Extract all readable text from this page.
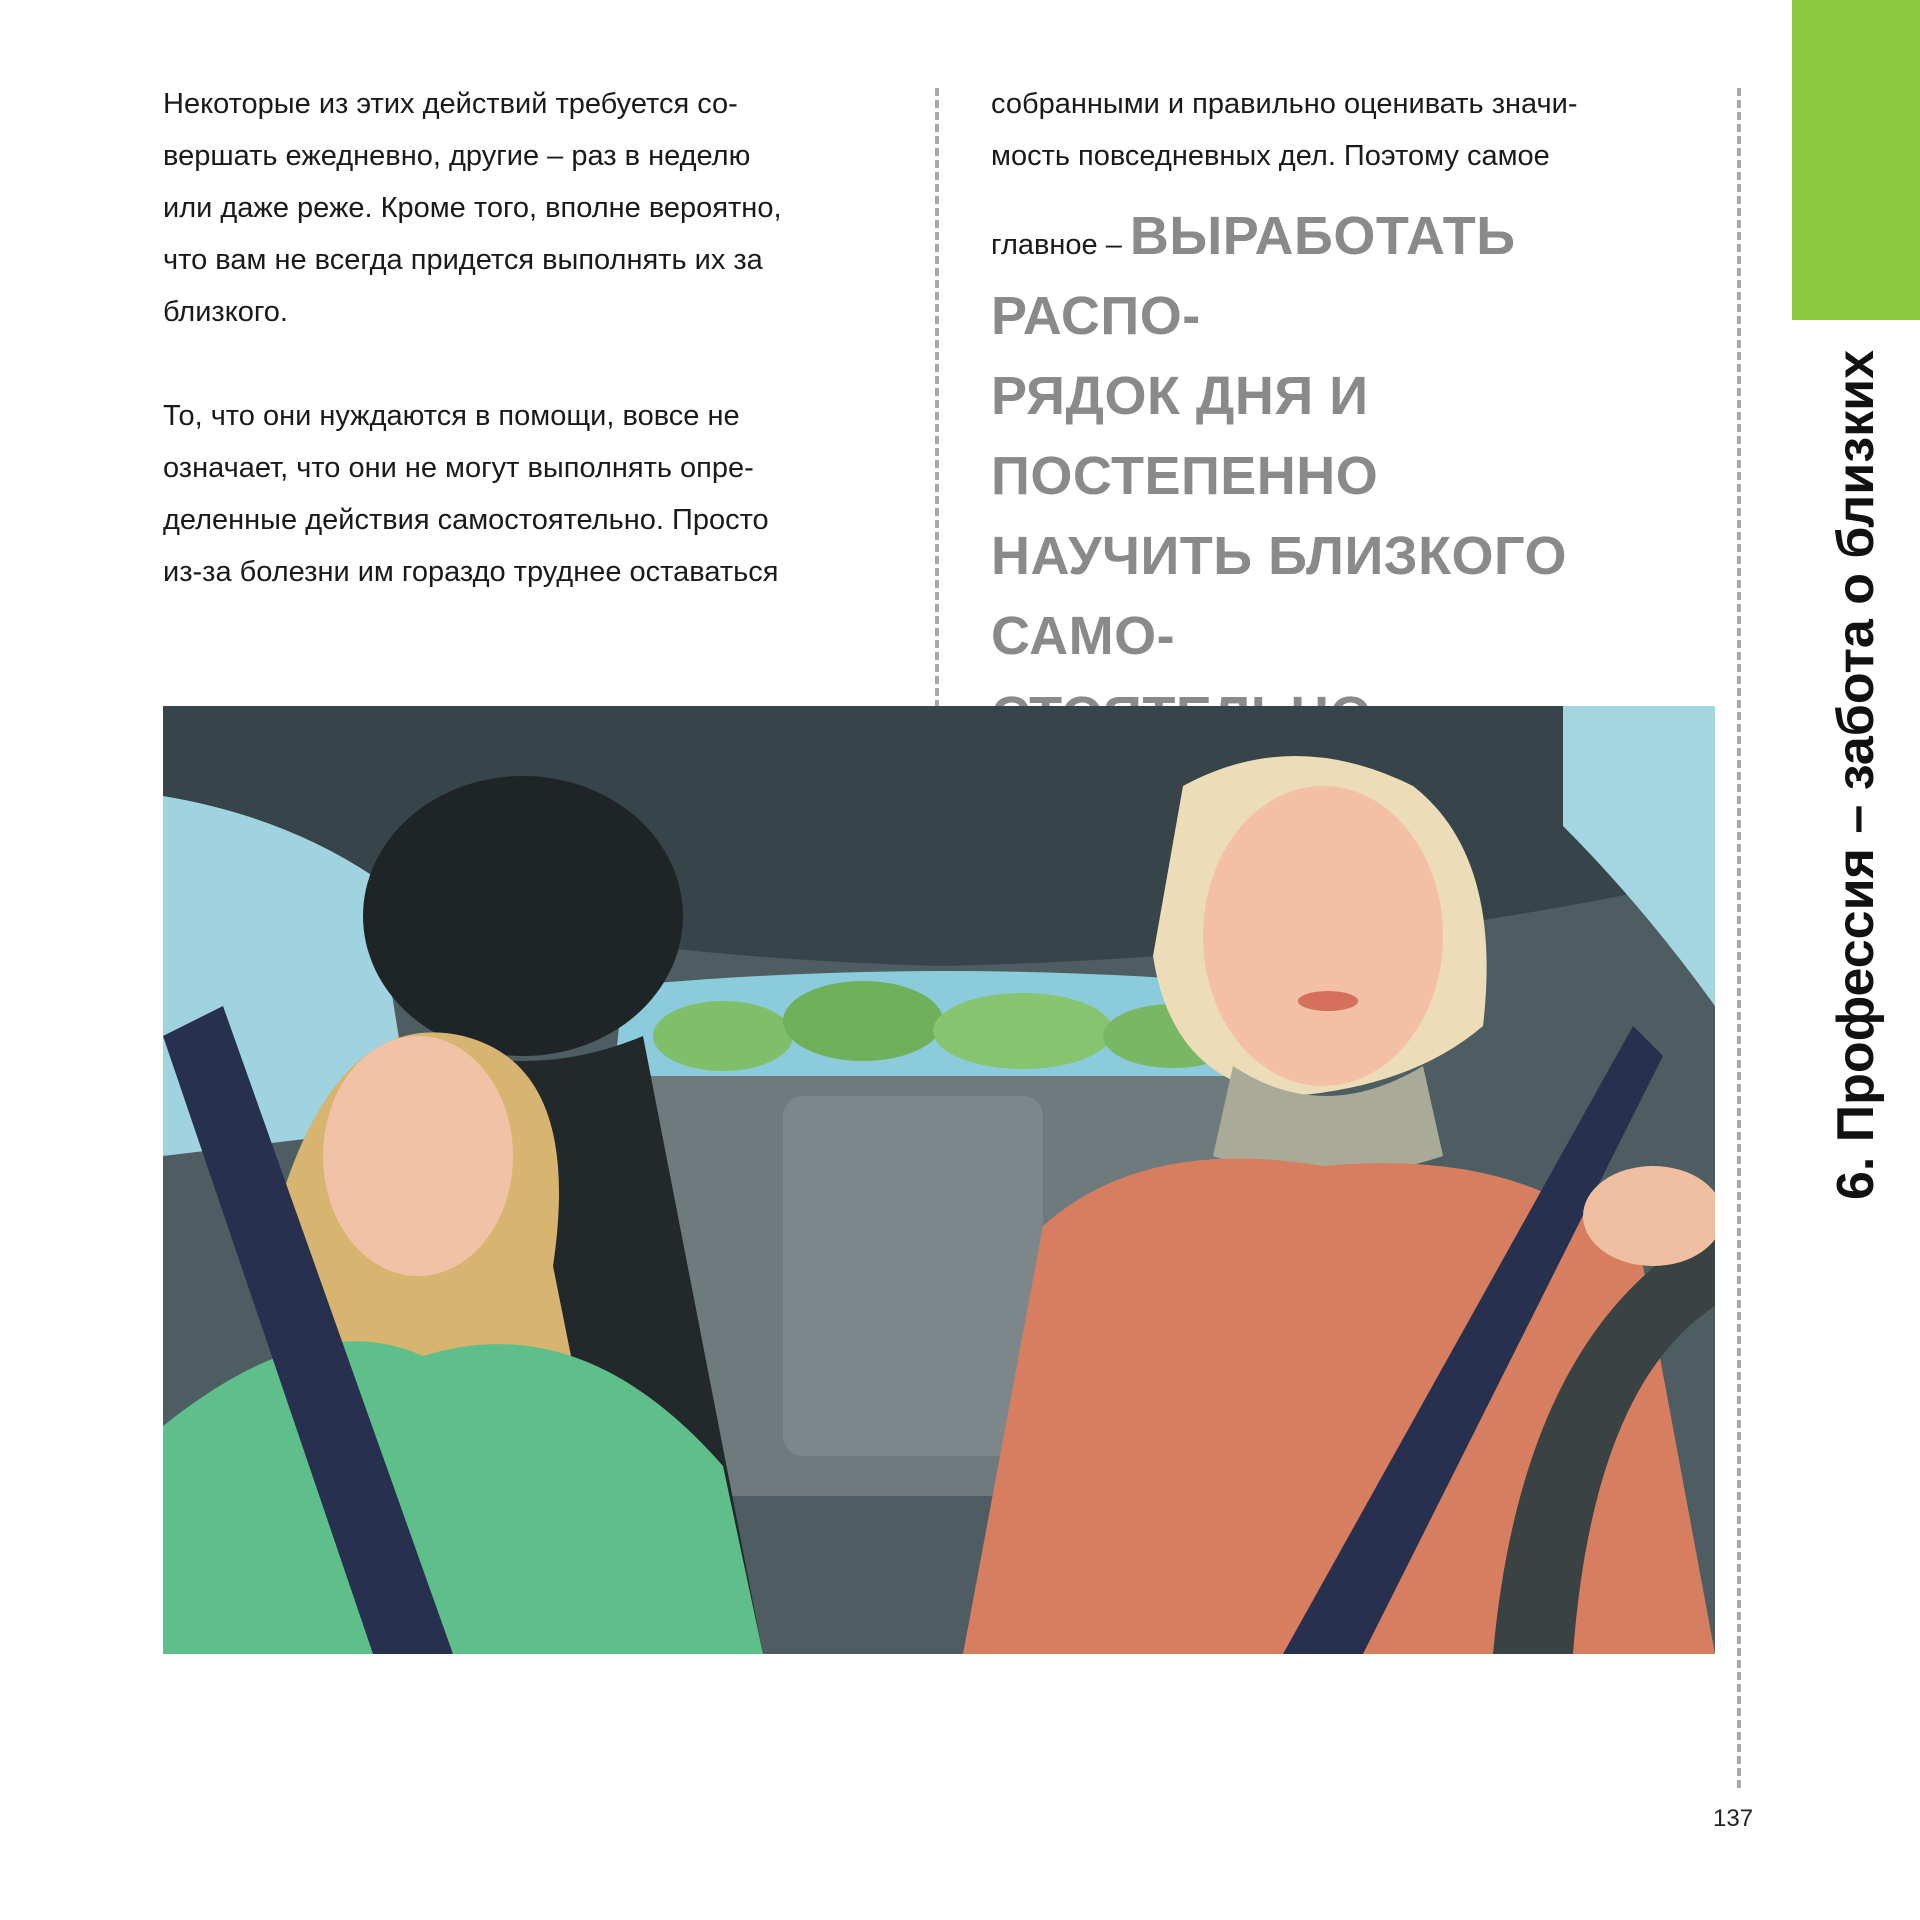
6. Профессия – забота о близких

Некоторые из этих действий требуется со-
вершать ежедневно, другие – раз в неделю
или даже реже. Кроме того, вполне вероятно,
что вам не всегда придется выполнять их за
близкого.

То, что они нуждаются в помощи, вовсе не
означает, что они не могут выполнять опре-
деленные действия самостоятельно. Просто
из-за болезни им гораздо труднее оставаться

собранными и правильно оценивать значи-
мость повседневных дел. Поэтому самое

главное – ВЫРАБОТАТЬ РАСПО-
РЯДОК ДНЯ И ПОСТЕПЕННО
НАУЧИТЬ БЛИЗКОГО САМО-

137
